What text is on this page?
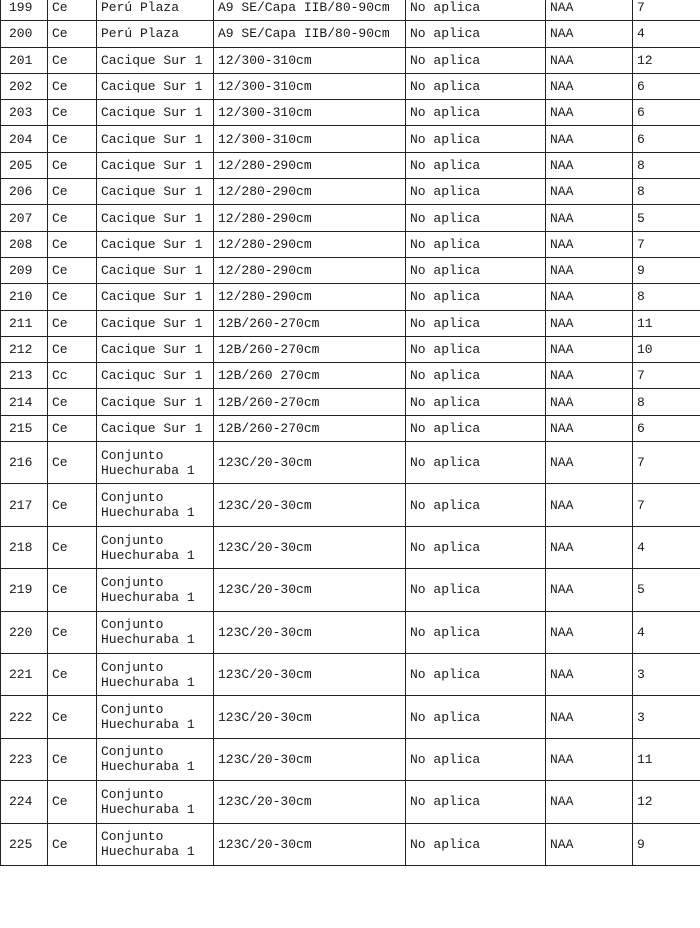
199	Ce	Perú Plaza	A9 SE/Capa IIB/80-90cm	No aplica	NAA	7
200	Ce	Perú Plaza	A9 SE/Capa IIB/80-90cm	No aplica	NAA	4
201	Ce	Cacique Sur 1	12/300-310cm	No aplica	NAA	12
202	Ce	Cacique Sur 1	12/300-310cm	No aplica	NAA	6
203	Ce	Cacique Sur 1	12/300-310cm	No aplica	NAA	6
204	Ce	Cacique Sur 1	12/300-310cm	No aplica	NAA	6
205	Ce	Cacique Sur 1	12/280-290cm	No aplica	NAA	8
206	Ce	Cacique Sur 1	12/280-290cm	No aplica	NAA	8
207	Ce	Cacique Sur 1	12/280-290cm	No aplica	NAA	5
208	Ce	Cacique Sur 1	12/280-290cm	No aplica	NAA	7
209	Ce	Cacique Sur 1	12/280-290cm	No aplica	NAA	9
210	Ce	Cacique Sur 1	12/280-290cm	No aplica	NAA	8
211	Ce	Cacique Sur 1	12B/260-270cm	No aplica	NAA	11
212	Ce	Cacique Sur 1	12B/260-270cm	No aplica	NAA	10
213	Cc	Caciquc Sur 1	12B/260 270cm	No aplica	NAA	7
214	Ce	Cacique Sur 1	12B/260-270cm	No aplica	NAA	8
215	Ce	Cacique Sur 1	12B/260-270cm	No aplica	NAA	6
216	Ce	Conjunto Huechuraba 1	123C/20-30cm	No aplica	NAA	7
217	Ce	Conjunto Huechuraba 1	123C/20-30cm	No aplica	NAA	7
218	Ce	Conjunto Huechuraba 1	123C/20-30cm	No aplica	NAA	4
219	Ce	Conjunto Huechuraba 1	123C/20-30cm	No aplica	NAA	5
220	Ce	Conjunto Huechuraba 1	123C/20-30cm	No aplica	NAA	4
221	Ce	Conjunto Huechuraba 1	123C/20-30cm	No aplica	NAA	3
222	Ce	Conjunto Huechuraba 1	123C/20-30cm	No aplica	NAA	3
223	Ce	Conjunto Huechuraba 1	123C/20-30cm	No aplica	NAA	11
224	Ce	Conjunto Huechuraba 1	123C/20-30cm	No aplica	NAA	12
225	Ce	Conjunto Huechuraba 1	123C/20-30cm	No aplica	NAA	9
